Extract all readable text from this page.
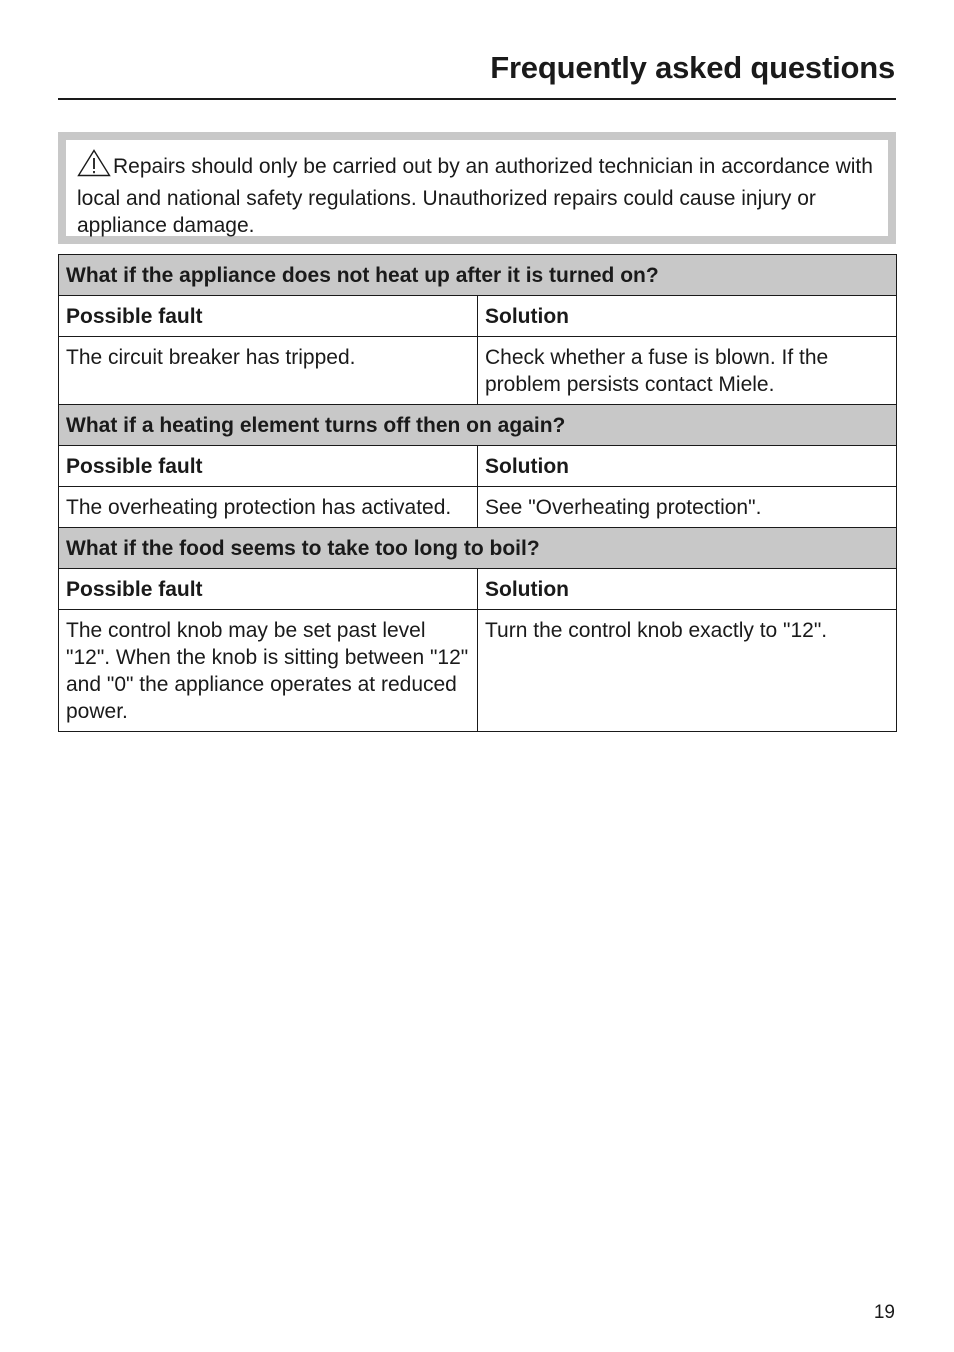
Frequently asked questions
Repairs should only be carried out by an authorized technician in accordance with local and national safety regulations. Unauthorized repairs could cause injury or appliance damage.
What if the appliance does not heat up after it is turned on?	
Possible fault	Solution
The circuit breaker has tripped.	Check whether a fuse is blown. If the problem persists contact Miele.
What if a heating element turns off then on again?	
Possible fault	Solution
The overheating protection has activated.	See "Overheating protection".
What if the food seems to take too long to boil?	
Possible fault	Solution
The control knob may be set past level "12". When the knob is sitting between "12" and "0" the appliance operates at reduced power.	Turn the control knob exactly to "12".
19
